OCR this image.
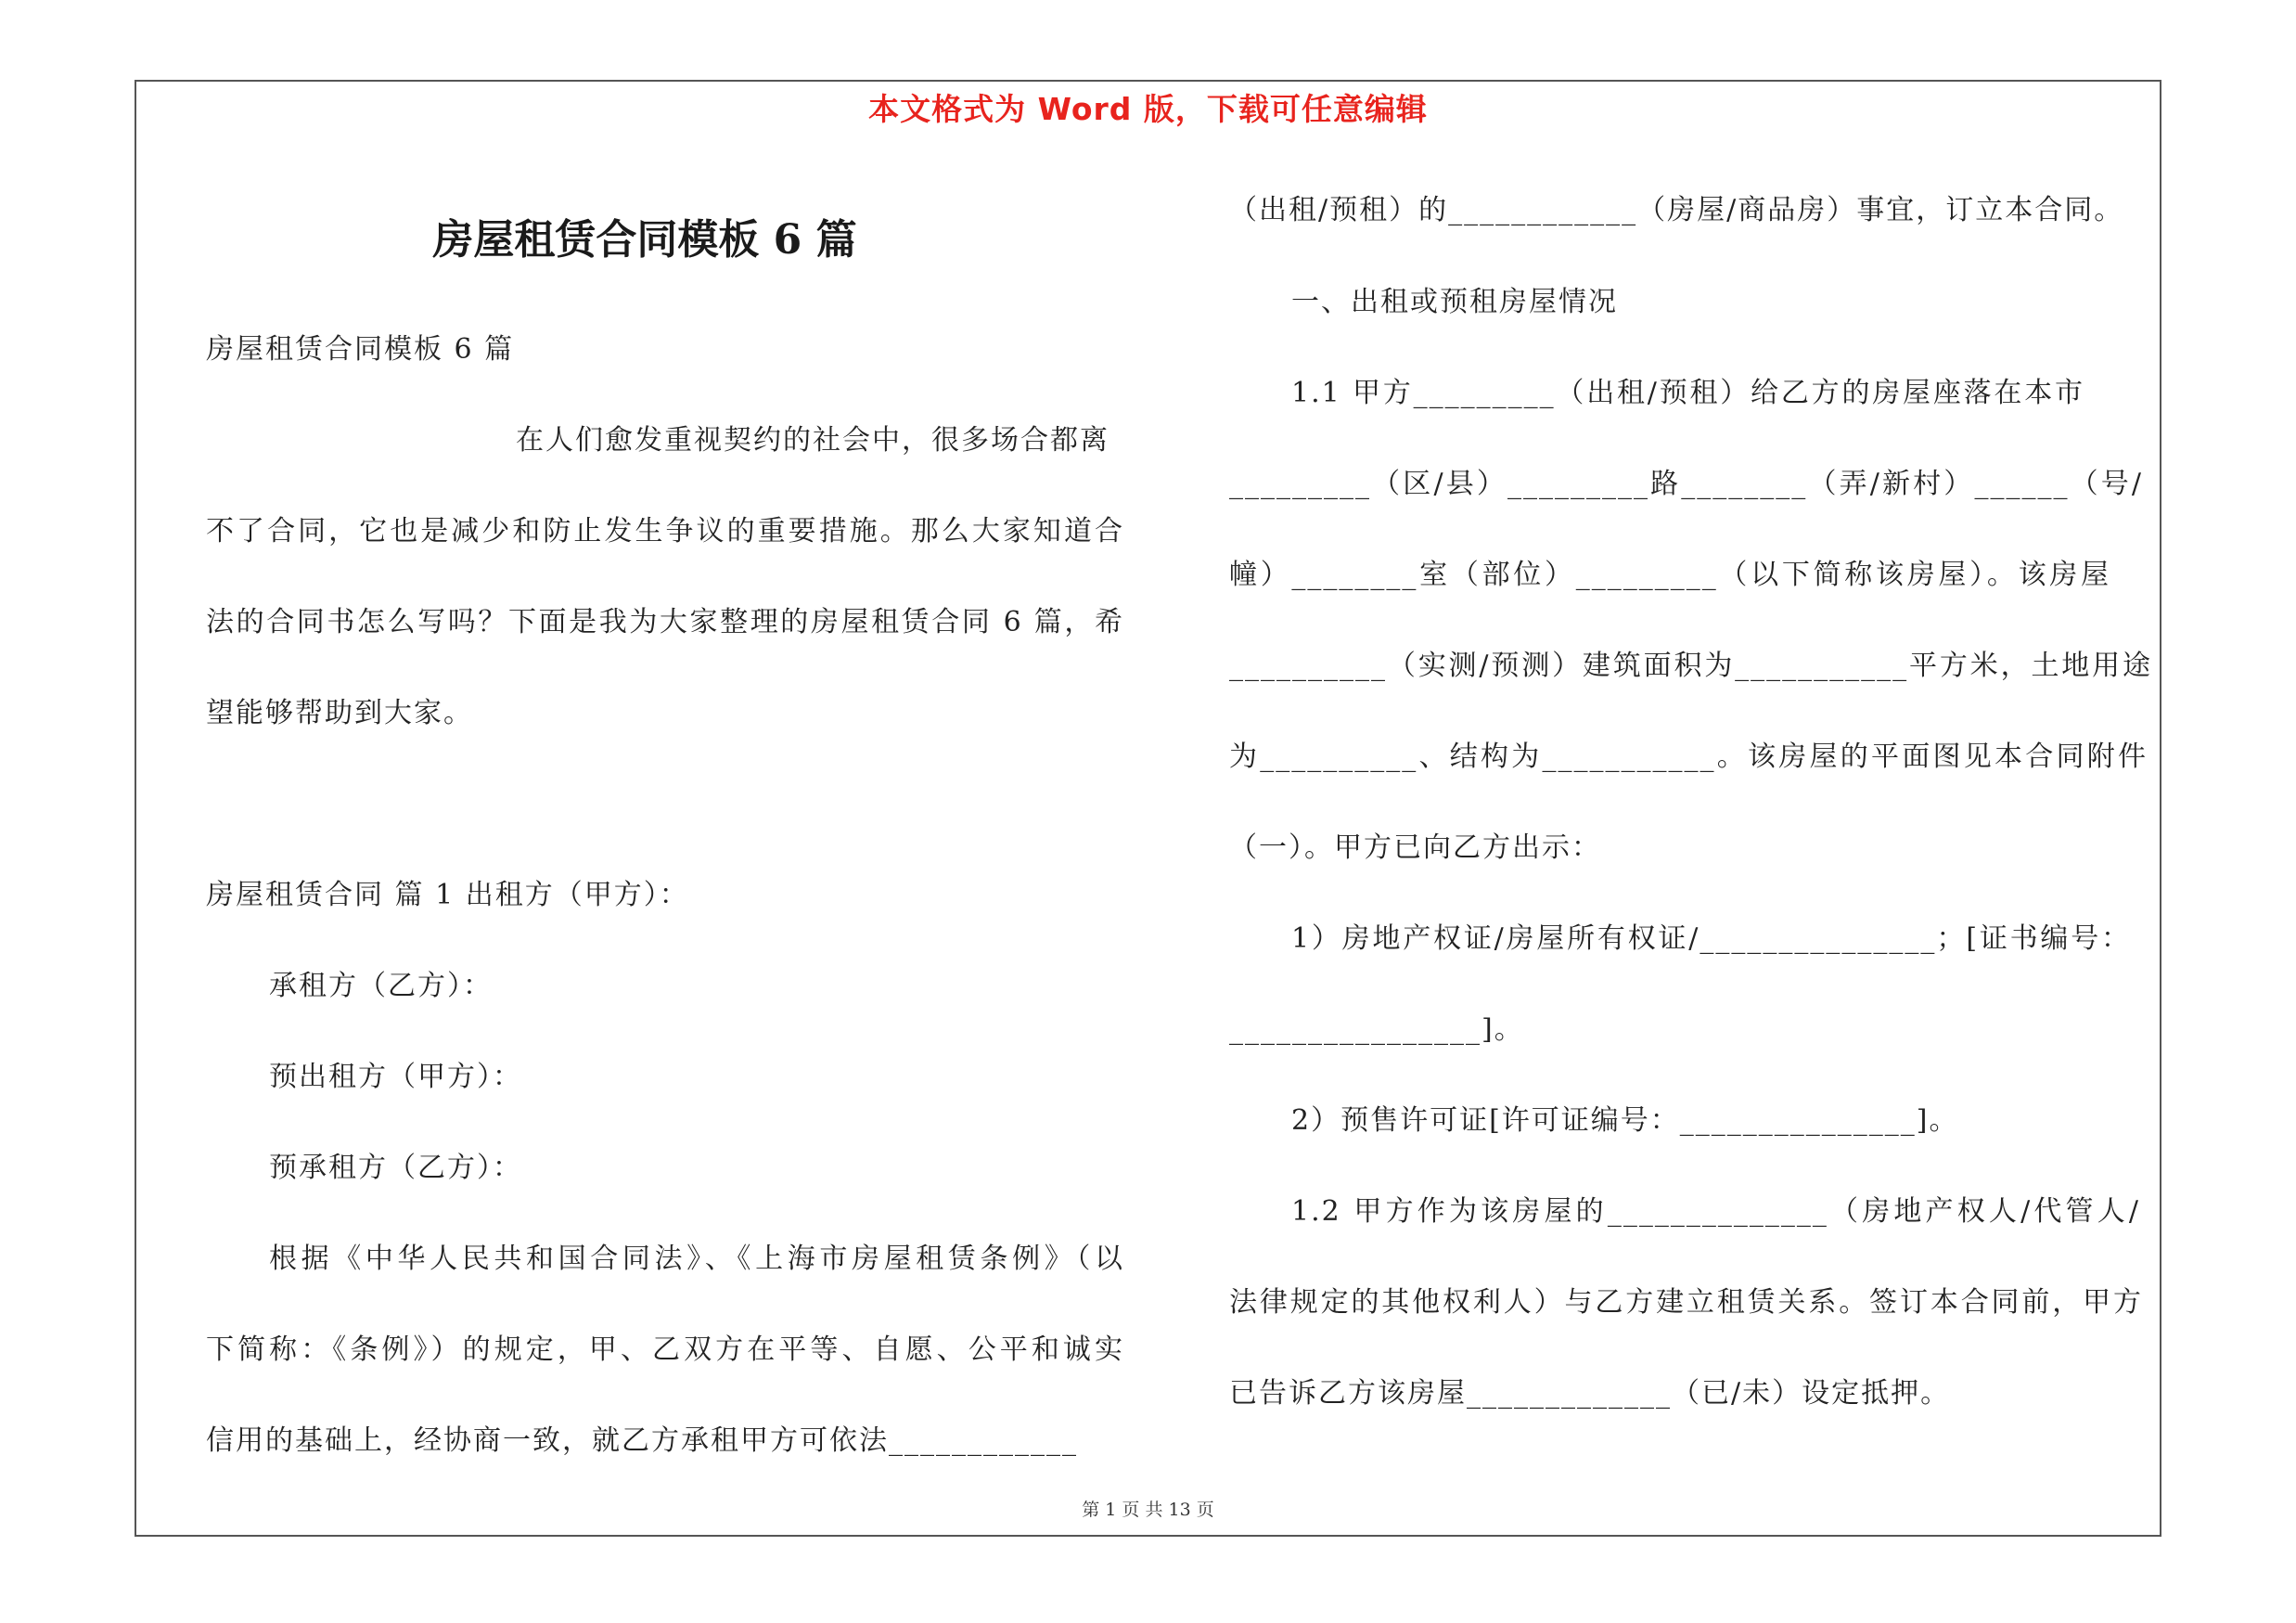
本文格式为 Word 版，下载可任意编辑
房屋租赁合同模板 6 篇
房屋租赁合同模板 6 篇
在人们愈发重视契约的社会中，很多场合都离
不了合同，它也是减少和防止发生争议的重要措施。那么大家知道合
法的合同书怎么写吗？下面是我为大家整理的房屋租赁合同 6 篇，希
望能够帮助到大家。
房屋租赁合同 篇 1 出租方（甲方）：
承租方（乙方）：
预出租方（甲方）：
预承租方（乙方）：
根据《中华人民共和国合同法》、《上海市房屋租赁条例》（以
下简称：《条例》）的规定，甲、乙双方在平等、自愿、公平和诚实
信用的基础上，经协商一致，就乙方承租甲方可依法____________
（出租/预租）的____________（房屋/商品房）事宜，订立本合同。
一、出租或预租房屋情况
1.1 甲方_________（出租/预租）给乙方的房屋座落在本市
_________（区/县）_________路________（弄/新村）______（号/
幢）________室（部位）_________（以下简称该房屋）。该房屋
__________（实测/预测）建筑面积为___________平方米，土地用途
为__________、结构为___________。该房屋的平面图见本合同附件
（一）。甲方已向乙方出示：
1）房地产权证/房屋所有权证/_______________；[证书编号：
________________]。
2）预售许可证[许可证编号：_______________]。
1.2 甲方作为该房屋的______________（房地产权人/代管人/
法律规定的其他权利人）与乙方建立租赁关系。签订本合同前，甲方
已告诉乙方该房屋_____________（已/未）设定抵押。
第 1 页 共 13 页
